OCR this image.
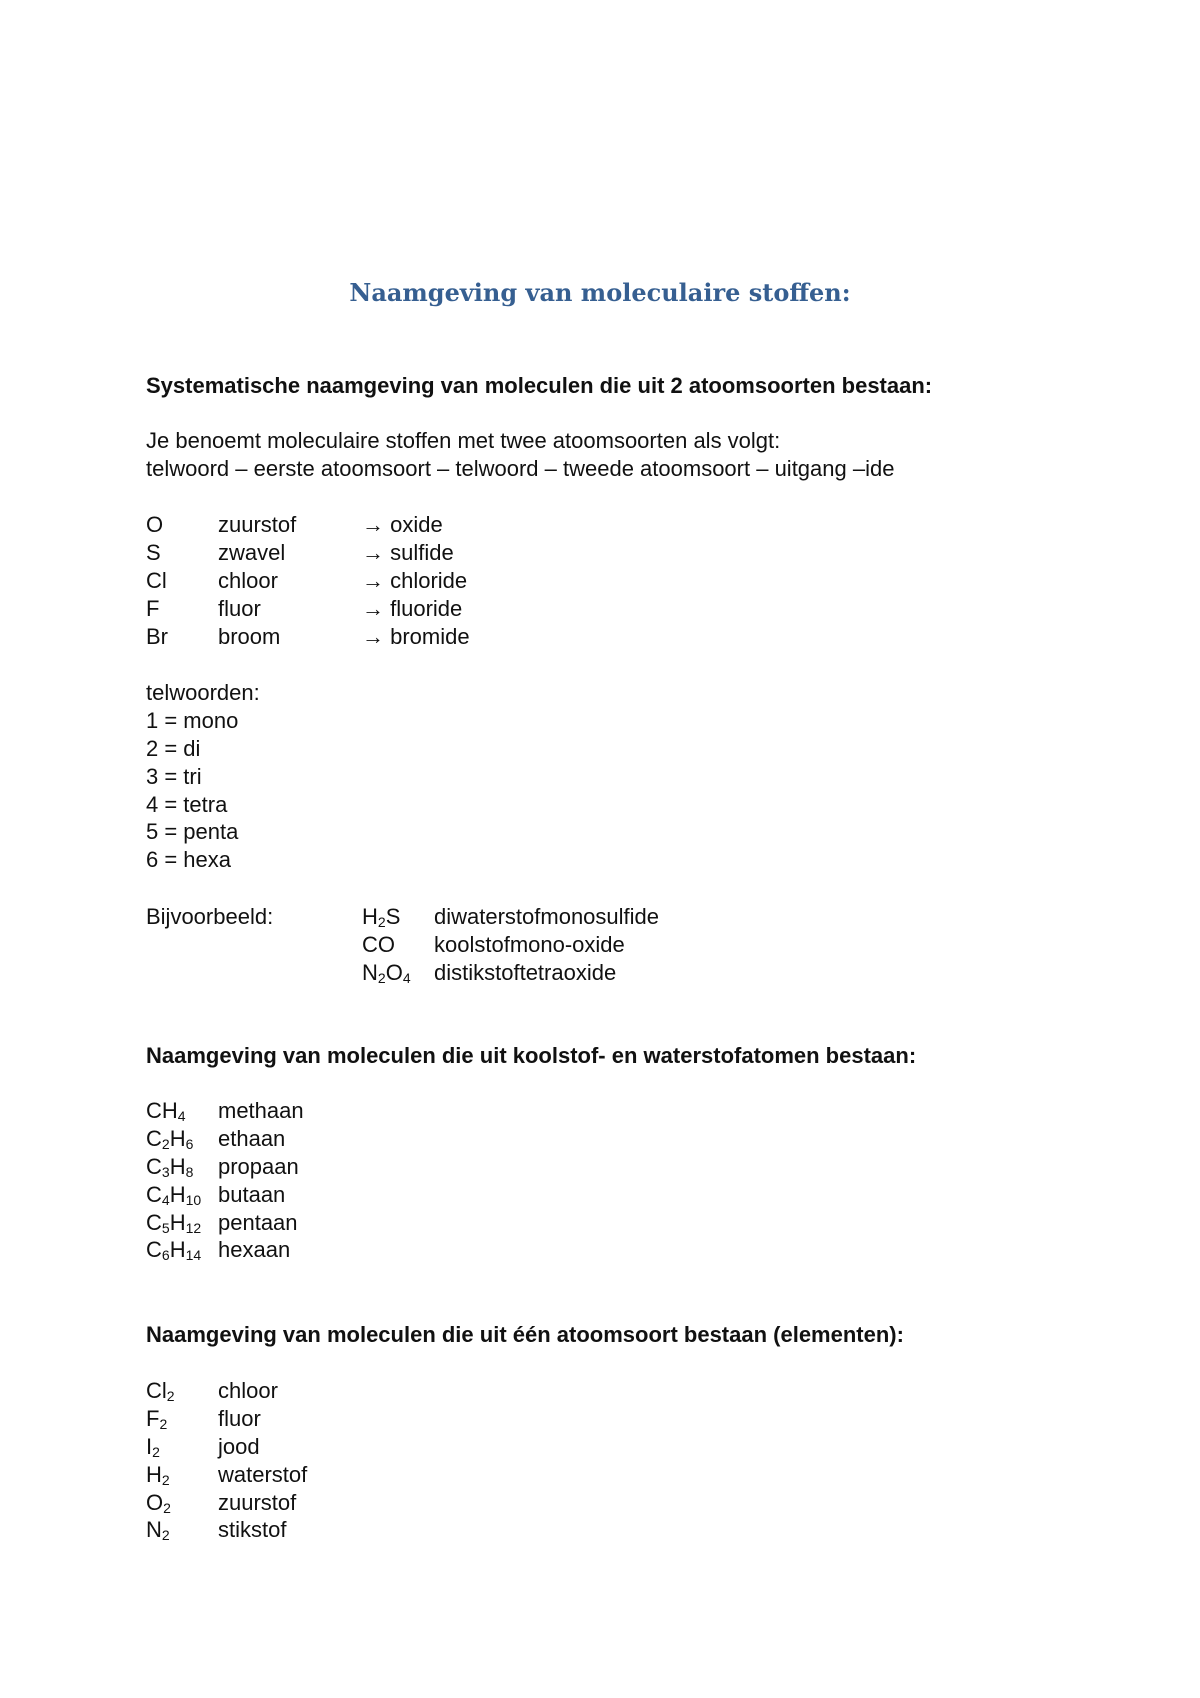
Naamgeving van moleculaire stoffen:
Systematische naamgeving van moleculen die uit 2 atoomsoorten bestaan:
Je benoemt moleculaire stoffen met twee atoomsoorten als volgt:
telwoord – eerste atoomsoort – telwoord – tweede atoomsoort – uitgang –ide
O zuurstof	→ oxide
S	zwavel	→ sulfide
Cl chloor	→ chloride
F	fluor	→ fluoride
Br broom	→ bromide
telwoorden:
1 = mono
2 = di
3 = tri
4 = tetra
5 = penta
6 = hexa
Bijvoorbeeld:	$H_2S$ diwaterstofmonosulfide
CO koolstofmono-oxide
$N_2O_4$ distikstoftetraoxide
Naamgeving van moleculen die uit koolstof- en waterstofatomen bestaan:
$CH_4$ methaan
$C_2H_6$ ethaan
$C_3H_8$ propaan
$C_4H_{10}$ butaan
$C_5H_{12}$ pentaan
$C_6H_{14}$ hexaan
Naamgeving van moleculen die uit één atoomsoort bestaan (elementen):
$Cl_2$ chloor
$F_2$ fluor
$I_2$	jood
$H_2$ waterstof
$O_2$ zuurstof
$N_2$ stikstof
